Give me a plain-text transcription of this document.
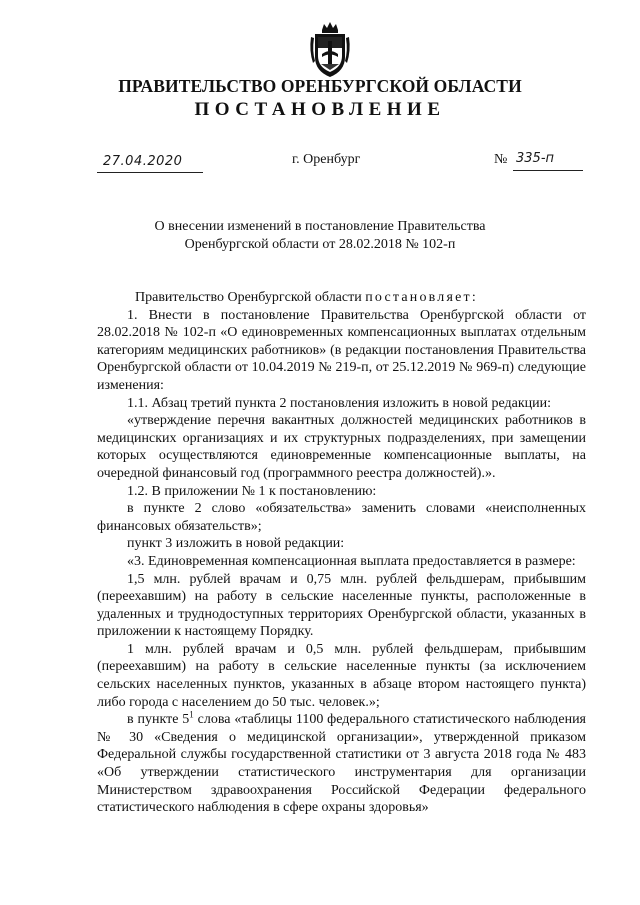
ПРАВИТЕЛЬСТВО ОРЕНБУРГСКОЙ ОБЛАСТИ
ПОСТАНОВЛЕНИЕ
27.04.2020	г. Оренбург	№ 335-п
О внесении изменений в постановление Правительства
Оренбургской области от 28.02.2018 № 102-п

Правительство Оренбургской области постановляет:

1. Внести в постановление Правительства Оренбургской области от 28.02.2018 № 102-п «О единовременных компенсационных выплатах отдельным категориям медицинских работников» (в редакции постановления Правительства Оренбургской области от 10.04.2019 № 219-п, от 25.12.2019 № 969-п) следующие изменения:

1.1. Абзац третий пункта 2 постановления изложить в новой редакции:

«утверждение перечня вакантных должностей медицинских работников в медицинских организациях и их структурных подразделениях, при замещении которых осуществляются единовременные компенсационные выплаты, на очередной финансовый год (программного реестра должностей).».

1.2. В приложении № 1 к постановлению:

в пункте 2 слово «обязательства» заменить словами «неисполненных финансовых обязательств»;

пункт 3 изложить в новой редакции:

«3. Единовременная компенсационная выплата предоставляется в размере:

1,5 млн. рублей врачам и 0,75 млн. рублей фельдшерам, прибывшим (переехавшим) на работу в сельские населенные пункты, расположенные в удаленных и труднодоступных территориях Оренбургской области, указанных в приложении к настоящему Порядку.

1 млн. рублей врачам и 0,5 млн. рублей фельдшерам, прибывшим (переехавшим) на работу в сельские населенные пункты (за исключением сельских населенных пунктов, указанных в абзаце втором настоящего пункта) либо города с населением до 50 тыс. человек.»;

в пункте $5^1$ слова «таблицы 1100 федерального статистического наблюдения № 30 «Сведения о медицинской организации», утвержденной приказом Федеральной службы государственной статистики от 3 августа 2018 года № 483 «Об утверждении статистического инструментария для организации Министерством здравоохранения Российской Федерации федерального статистического наблюдения в сфере охраны здоровья»
